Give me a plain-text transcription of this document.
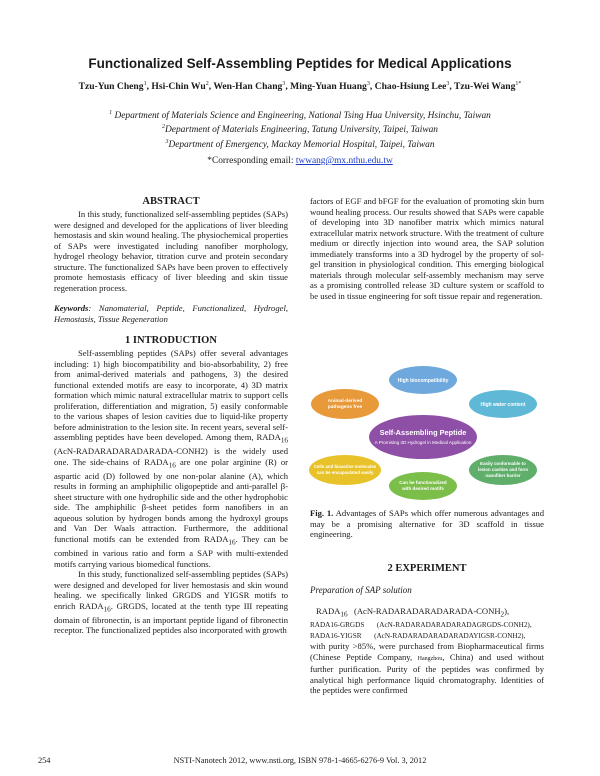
Functionalized Self-Assembling Peptides for Medical Applications
Tzu-Yun Cheng$^1$, Hsi-Chin Wu$^2$, Wen-Han Chang$^3$, Ming-Yuan Huang$^3$, Chao-Hsiung Lee$^3$, Tzu-Wei Wang$^{1*}$
$^1$ Department of Materials Science and Engineering, National Tsing Hua University, Hsinchu, Taiwan
$^2$Department of Materials Engineering, Tatung University, Taipei, Taiwan
$^3$Department of Emergency, Mackay Memorial Hospital, Taipei, Taiwan
*Corresponding email: twwang@mx.nthu.edu.tw
ABSTRACT

In this study, functionalized self-assembling peptides (SAPs) were designed and developed for the applications of liver bleeding hemostasis and skin wound healing. The physiochemical properties of SAPs were investigated including nanofiber morphology, hydrogel rheology behavior, titration curve and protein secondary structure. The functionalized SAPs have been proven to effectively promote hemostasis efficacy of liver bleeding and skin tissue regeneration process.

Keywords: Nanomaterial, Peptide, Functionalized, Hydrogel, Hemostasis, Tissue Regeneration

1 INTRODUCTION

Self-assembling peptides (SAPs) offer several advantages including: 1) high biocompatibility and bio-absorbability, 2) free from animal-derived materials and pathogens, 3) the desired functional extended motifs are easy to incorporate, 4) 3D matrix formation which mimic natural extracellular matrix to support cells proliferation, differentiation and migration, 5) easily conformable to the various shapes of lesion cavities due to liquid-like property before administration to the lesion site. In recent years, several self-assembling peptides have been developed. Among them, $RADA_{16}$ (AcN-RADARADARADARADA-CONH2) is the widely used one. The side-chains of $RADA_{16}$ are one polar arginine (R) or aspartic acid (D) followed by one non-polar alanine (A), which results in forming an amphiphilic oligopeptide and anti-parallel β-sheet structure with one hydrophilic side and the other hydrophobic side. The amphiphilic β-sheet petides form nanofibers in an aqueous solution by hydrogen bonds among the hydroxyl groups and Van Der Waals attraction. Furthermore, the additional functional motifs can be extended from $RADA_{16}$. They can be combined in various ratio and form a SAP with multi-extended motifs carrying various biomedical functions.

In this study, functionalized self-assembling peptides (SAPs) were designed and developed for liver hemostasis and skin wound healing. we specifically linked GRGDS and YIGSR motifs to enrich $RADA_{16}$. GRGDS, located at the tenth type III repeating domain of fibronectin, is an important peptide ligand of fibronectin receptor. The functionalized peptides also incorporated with growth

factors of EGF and bFGF for the evaluation of promoting skin burn wound healing process. Our results showed that SAPs were capable of developing into 3D nanofiber matrix which mimics natural extracellular matrix network structure. With the treatment of culture medium or directly injection into wound area, the SAP solution immediately transforms into a 3D hydrogel by the property of sol-gel transition in physiological condition. This emerging biological materials through molecular self-assembly mechanism may serve as a promising controlled release 3D culture system or scaffold to be used in tissue engineering for soft tissue repair and regeneration.

Self-Assembling Peptide
A Promising 3D Hydrogel in Medical Application
High biocompatibility
High water content
Easily conformable to
lesion cavities and form
nanofiber barrier
Can be functionalized
with desired motifs
Cells and bioactive molecules
can be encapsulated easily
Animal-derived
pathogens free

Fig. 1. Advantages of SAPs which offer numerous advantages and may be a promising alternative for 3D scaffold in tissue engineering.

2 EXPERIMENT
Preparation of SAP solution

$RADA_{16}$   $(AcN-RADARADARADARADA-CONH_2)$,

RADA16-GRGDS       (AcN-RADARADARADARADAGRGDS-CONH2),

RADA16-YIGSR       (AcN-RADARADARADARADAYIGSR-CONH2),

with purity >85%, were purchased from Biopharmaceutical firms (Chinese Peptide Company, Hangzhou, China) and used without further purification. Purity of the peptides was confirmed by analytical high performance liquid chromatography. Identities of the peptides were confirmed

254	NSTI-Nanotech 2012, www.nsti.org, ISBN 978-1-4665-6276-9 Vol. 3, 2012
